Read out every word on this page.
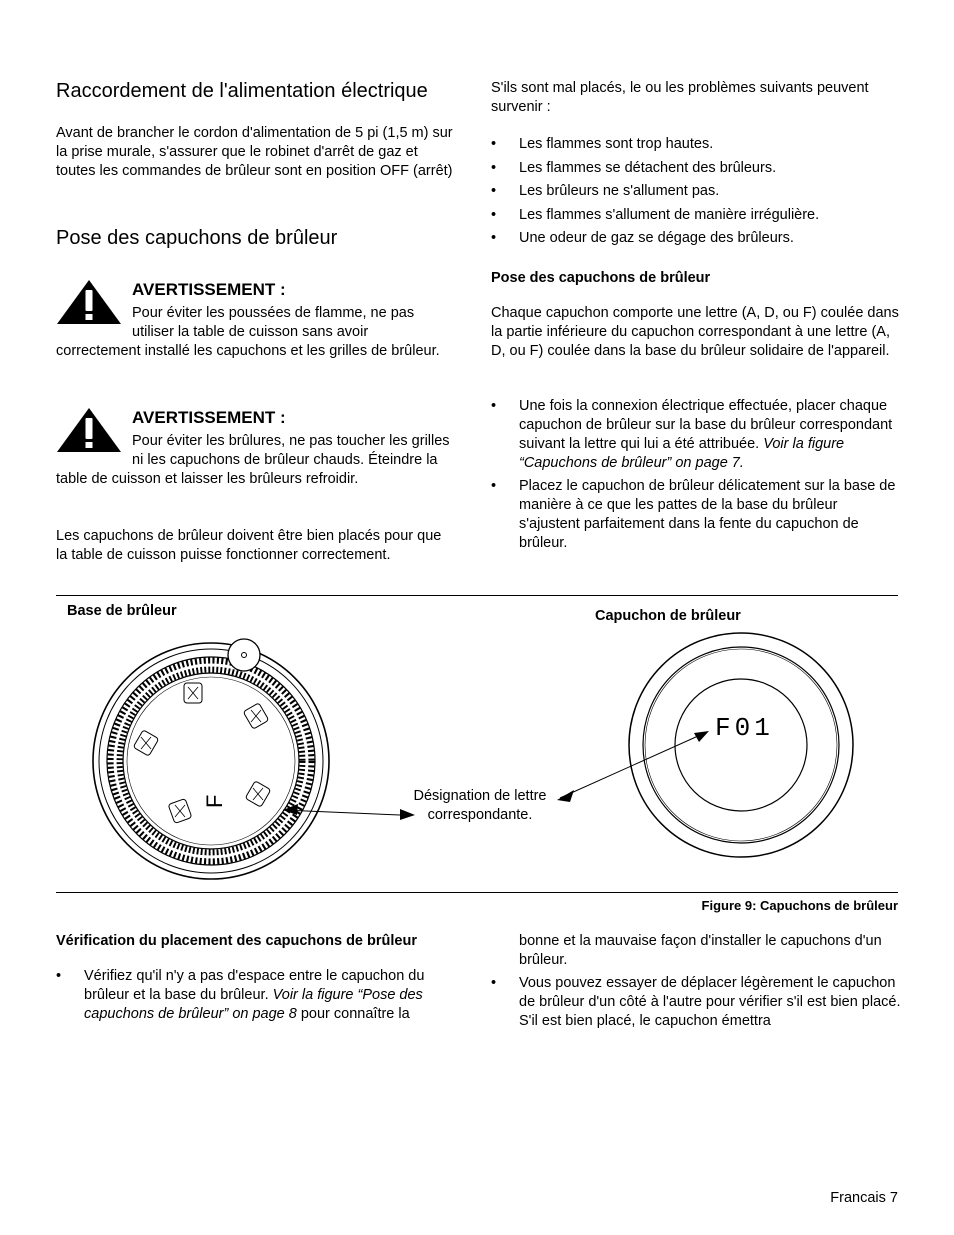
Raccordement de l'alimentation électrique

Avant de brancher le cordon d'alimentation de 5 pi (1,5 m) sur la prise murale, s'assurer que le robinet d'arrêt de gaz et toutes les commandes de brûleur sont en position OFF (arrêt)

Pose des capuchons de brûleur
AVERTISSEMENT :
Pour éviter les poussées de flamme, ne pas utiliser la table de cuisson sans avoir correctement installé les capuchons et les grilles de brûleur.
AVERTISSEMENT :
Pour éviter les brûlures, ne pas toucher les grilles ni les capuchons de brûleur chauds. Éteindre la table de cuisson et laisser les brûleurs refroidir.

Les capuchons de brûleur doivent être bien placés pour que la table de cuisson puisse fonctionner correctement.

S'ils sont mal placés, le ou les problèmes suivants peuvent survenir :

• Les flammes sont trop hautes.
• Les flammes se détachent des brûleurs.
• Les brûleurs ne s'allument pas.
• Les flammes s'allument de manière irrégulière.
• Une odeur de gaz se dégage des brûleurs.
Pose des capuchons de brûleur

Chaque capuchon comporte une lettre (A, D, ou F) coulée dans la partie inférieure du capuchon correspondant à une lettre (A, D, ou F) coulée dans la base du brûleur solidaire de l'appareil.

• Une fois la connexion électrique effectuée, placer chaque capuchon de brûleur sur la base du brûleur correspondant suivant la lettre qui lui a été attribuée. Voir la figure “Capuchons de brûleur” on page 7.
• Placez le capuchon de brûleur délicatement sur la base de manière à ce que les pattes de la base du brûleur s'ajustent parfaitement dans la fente du capuchon de brûleur.
Base de brûleur	Capuchon de brûleur
F
F01
Désignation de lettre
correspondante.
Figure 9: Capuchons de brûleur
Vérification du placement des capuchons de brûleur
• Vérifiez qu'il n'y a pas d'espace entre le capuchon du brûleur et la base du brûleur. Voir la figure “Pose des capuchons de brûleur” on page 8 pour connaître la

bonne et la mauvaise façon d'installer le capuchons d'un brûleur.

• Vous pouvez essayer de déplacer légèrement le capuchon de brûleur d'un côté à l'autre pour vérifier s'il est bien placé. S'il est bien placé, le capuchon émettra
Francais 7
